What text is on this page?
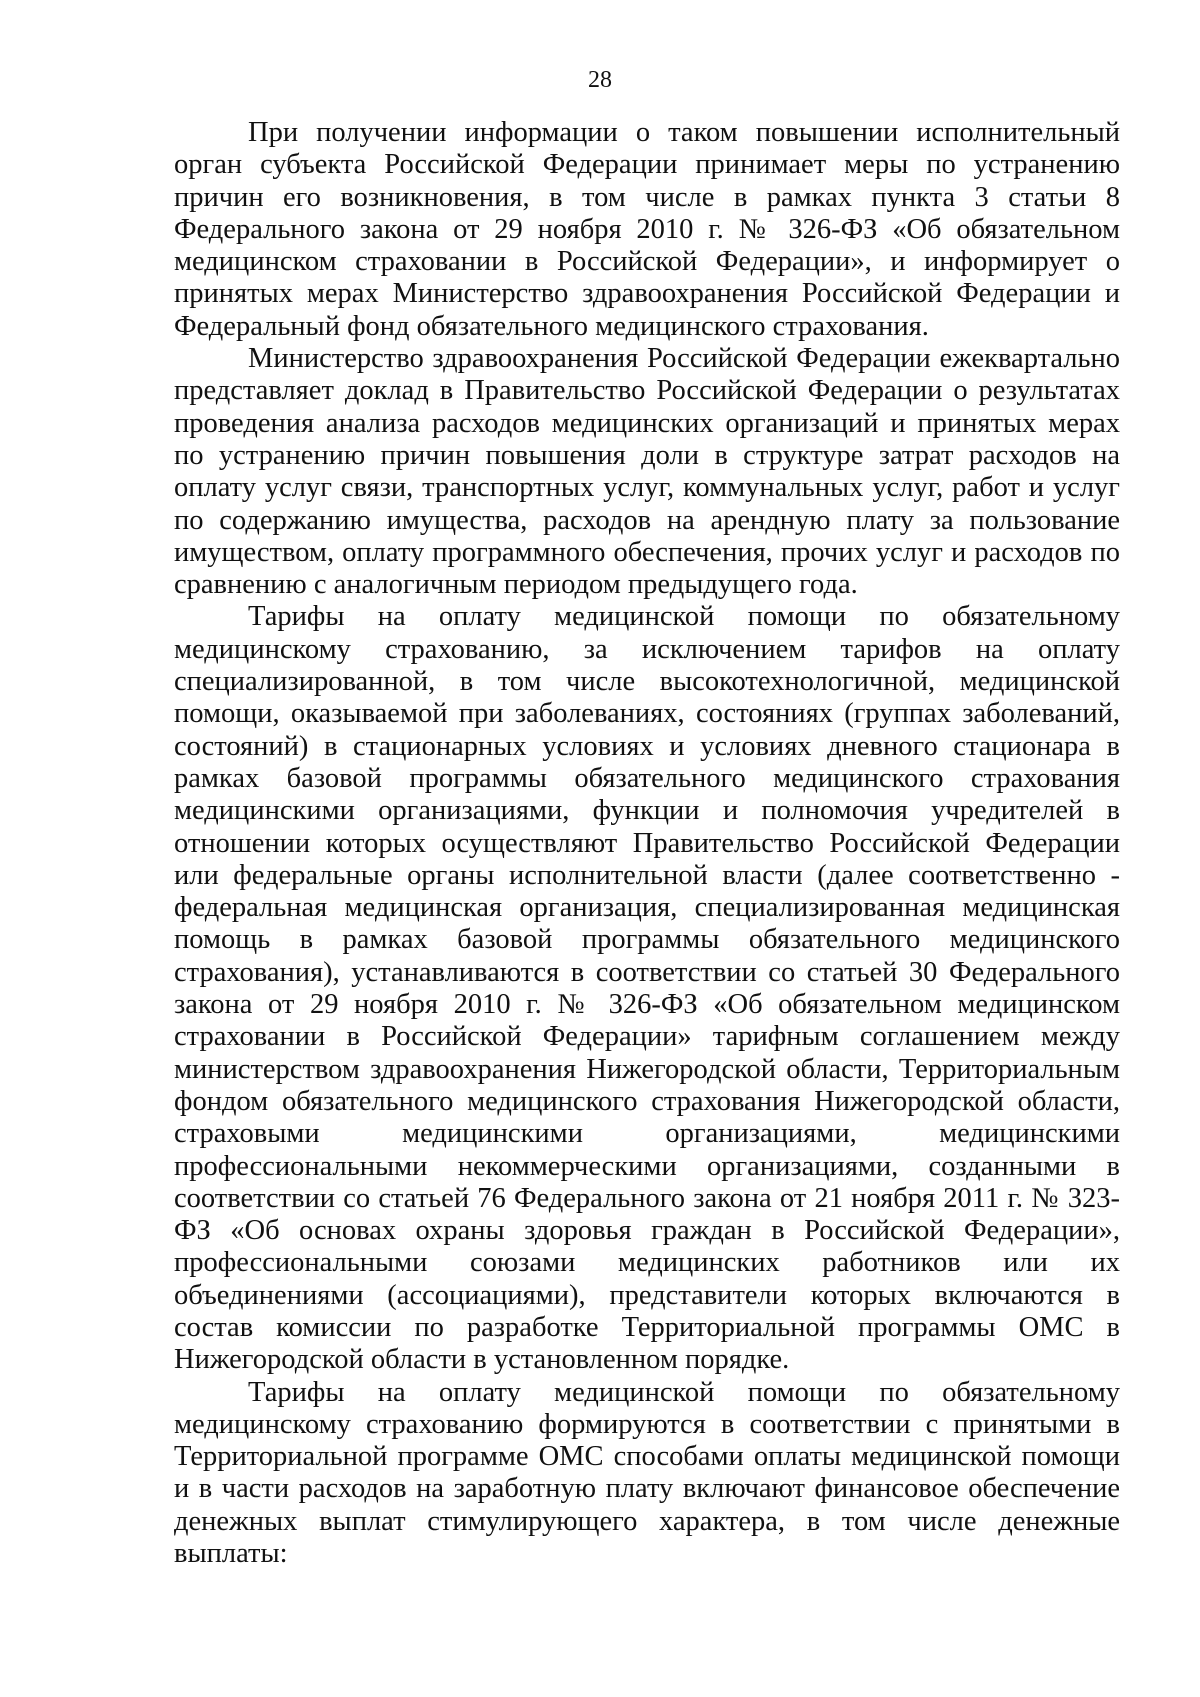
28

При получении информации о таком повышении исполнительный орган субъекта Российской Федерации принимает меры по устранению причин его возникновения, в том числе в рамках пункта 3 статьи 8 Федерального закона от 29 ноября 2010 г. № 326-ФЗ «Об обязательном медицинском страховании в Российской Федерации», и информирует о принятых мерах Министерство здравоохранения Российской Федерации и Федеральный фонд обязательного медицинского страхования.

Министерство здравоохранения Российской Федерации ежеквартально представляет доклад в Правительство Российской Федерации о результатах проведения анализа расходов медицинских организаций и принятых мерах по устранению причин повышения доли в структуре затрат расходов на оплату услуг связи, транспортных услуг, коммунальных услуг, работ и услуг по содержанию имущества, расходов на арендную плату за пользование имуществом, оплату программного обеспечения, прочих услуг и расходов по сравнению с аналогичным периодом предыдущего года.

Тарифы на оплату медицинской помощи по обязательному медицинскому страхованию, за исключением тарифов на оплату специализированной, в том числе высокотехнологичной, медицинской помощи, оказываемой при заболеваниях, состояниях (группах заболеваний, состояний) в стационарных условиях и условиях дневного стационара в рамках базовой программы обязательного медицинского страхования медицинскими организациями, функции и полномочия учредителей в отношении которых осуществляют Правительство Российской Федерации или федеральные органы исполнительной власти (далее соответственно - федеральная медицинская организация, специализированная медицинская помощь в рамках базовой программы обязательного медицинского страхования), устанавливаются в соответствии со статьей 30 Федерального закона от 29 ноября 2010 г. № 326-ФЗ «Об обязательном медицинском страховании в Российской Федерации» тарифным соглашением между министерством здравоохранения Нижегородской области, Территориальным фондом обязательного медицинского страхования Нижегородской области, страховыми медицинскими организациями, медицинскими профессиональными некоммерческими организациями, созданными в соответствии со статьей 76 Федерального закона от 21 ноября 2011 г. № 323-ФЗ «Об основах охраны здоровья граждан в Российской Федерации», профессиональными союзами медицинских работников или их объединениями (ассоциациями), представители которых включаются в состав комиссии по разработке Территориальной программы ОМС в Нижегородской области в установленном порядке.

Тарифы на оплату медицинской помощи по обязательному медицинскому страхованию формируются в соответствии с принятыми в Территориальной программе ОМС способами оплаты медицинской помощи и в части расходов на заработную плату включают финансовое обеспечение денежных выплат стимулирующего характера, в том числе денежные выплаты:
